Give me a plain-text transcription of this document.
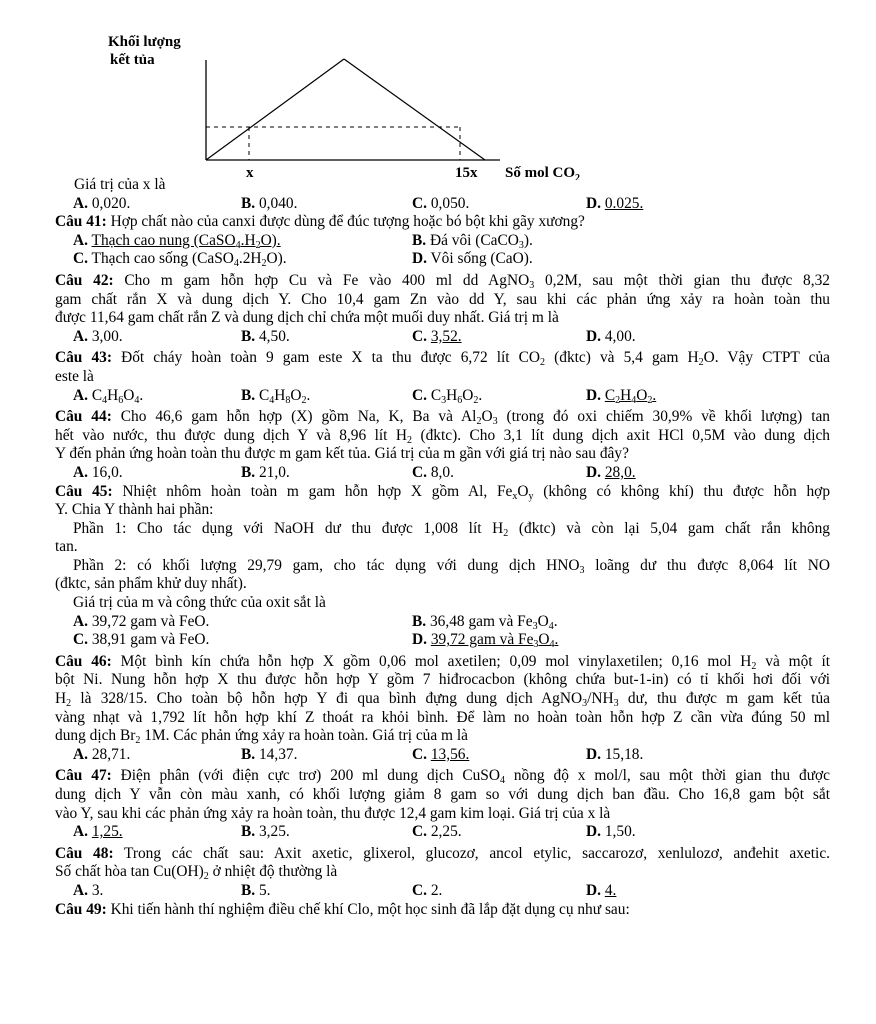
Khối lượng
kết tủa
x	15x Số mol $CO_2$
Giá trị của x là
A. 0,020.	B. 0,040.	C. 0,050.	D. 0.025.
Câu 41: Hợp chất nào của canxi được dùng để đúc tượng hoặc bó bột khi gãy xương?
A. Thạch cao nung $(CaSO_4.H_2O)$.	B. Đá vôi (CaCO$_3$).
C. Thạch cao sống $(CaSO_4.2H_2O)$.	D. Vôi sống (CaO).
Câu 42: Cho m gam hỗn hợp Cu và Fe vào 400 ml dd AgNO$_3$ 0,2M, sau một thời gian thu được 8,32
gam chất rắn X và dung dịch Y. Cho 10,4 gam Zn vào dd Y, sau khi các phản ứng xảy ra hoàn toàn thu
được 11,64 gam chất rắn Z và dung dịch chỉ chứa một muối duy nhất. Giá trị m là
A. 3,00.	B. 4,50.	C. 3,52.	D. 4,00.
Câu 43: Đốt cháy hoàn toàn 9 gam este X ta thu được 6,72 lít $CO_2$ (đktc) và 5,4 gam $H_2O$. Vậy CTPT của
este là
A. $C_4H_6O_4$.	B. $C_4H_8O_2$.	C. $C_3H_6O_2$.	D. $C_2H_4O_2$.
Câu 44: Cho 46,6 gam hỗn hợp (X) gồm Na, K, Ba và $Al_2O_3$ (trong đó oxi chiếm 30,9% về khối lượng) tan
hết vào nước, thu được dung dịch Y và 8,96 lít $H_2$ (đktc). Cho 3,1 lít dung dịch axit HCl 0,5M vào dung dịch
Y đến phản ứng hoàn toàn thu được m gam kết tủa. Giá trị của m gần với giá trị nào sau đây?
A. 16,0.	B. 21,0.	C. 8,0.	D. 28,0.
Câu 45: Nhiệt nhôm hoàn toàn m gam hỗn hợp X gồm Al, $Fe_xO_y$ (không có không khí) thu được hỗn hợp
Y. Chia Y thành hai phần:
Phần 1: Cho tác dụng với NaOH dư thu được 1,008 lít $H_2$ (đktc) và còn lại 5,04 gam chất rắn không
tan.
Phần 2: có khối lượng 29,79 gam, cho tác dụng với dung dịch $HNO_3$ loãng dư thu được 8,064 lít NO
(đktc, sản phẩm khử duy nhất).
Giá trị của m và công thức của oxit sắt là
A. 39,72 gam và FeO.	B. 36,48 gam và $Fe_3O_4$.
C. 38,91 gam và FeO.	D. 39,72 gam và $Fe_3O_4$.
Câu 46: Một bình kín chứa hỗn hợp X gồm 0,06 mol axetilen; 0,09 mol vinylaxetilen; 0,16 mol $H_2$ và một ít
bột Ni. Nung hỗn hợp X thu được hỗn hợp Y gồm 7 hiđrocacbon (không chứa but-1-in) có tỉ khối hơi đối với
$H_2$ là 328/15. Cho toàn bộ hỗn hợp Y đi qua bình đựng dung dịch $AgNO_3/NH_3$ dư, thu được m gam kết tủa
vàng nhạt và 1,792 lít hỗn hợp khí Z thoát ra khỏi bình. Để làm no hoàn toàn hỗn hợp Z cần vừa đúng 50 ml
dung dịch $Br_2$ 1M. Các phản ứng xảy ra hoàn toàn. Giá trị của m là
A. 28,71.	B. 14,37.	C. 13,56.	D. 15,18.
Câu 47: Điện phân (với điện cực trơ) 200 ml dung dịch CuSO$_4$ nồng độ x mol/l, sau một thời gian thu được
dung dịch Y vẫn còn màu xanh, có khối lượng giảm 8 gam so với dung dịch ban đầu. Cho 16,8 gam bột sắt
vào Y, sau khi các phản ứng xảy ra hoàn toàn, thu được 12,4 gam kim loại. Giá trị của x là
A. 1,25.	B. 3,25.	C. 2,25.	D. 1,50.
Câu 48: Trong các chất sau: Axit axetic, glixerol, glucozơ, ancol etylic, saccarozơ, xenlulozơ, anđehit axetic.
Số chất hòa $\tan Cu(OH)_2$ ở nhiệt độ thường là
A. 3.	B. 5.	C. 2.	D. 4.
Câu 49: Khi tiến hành thí nghiệm điều chế khí Clo, một học sinh đã lắp đặt dụng cụ như sau:
